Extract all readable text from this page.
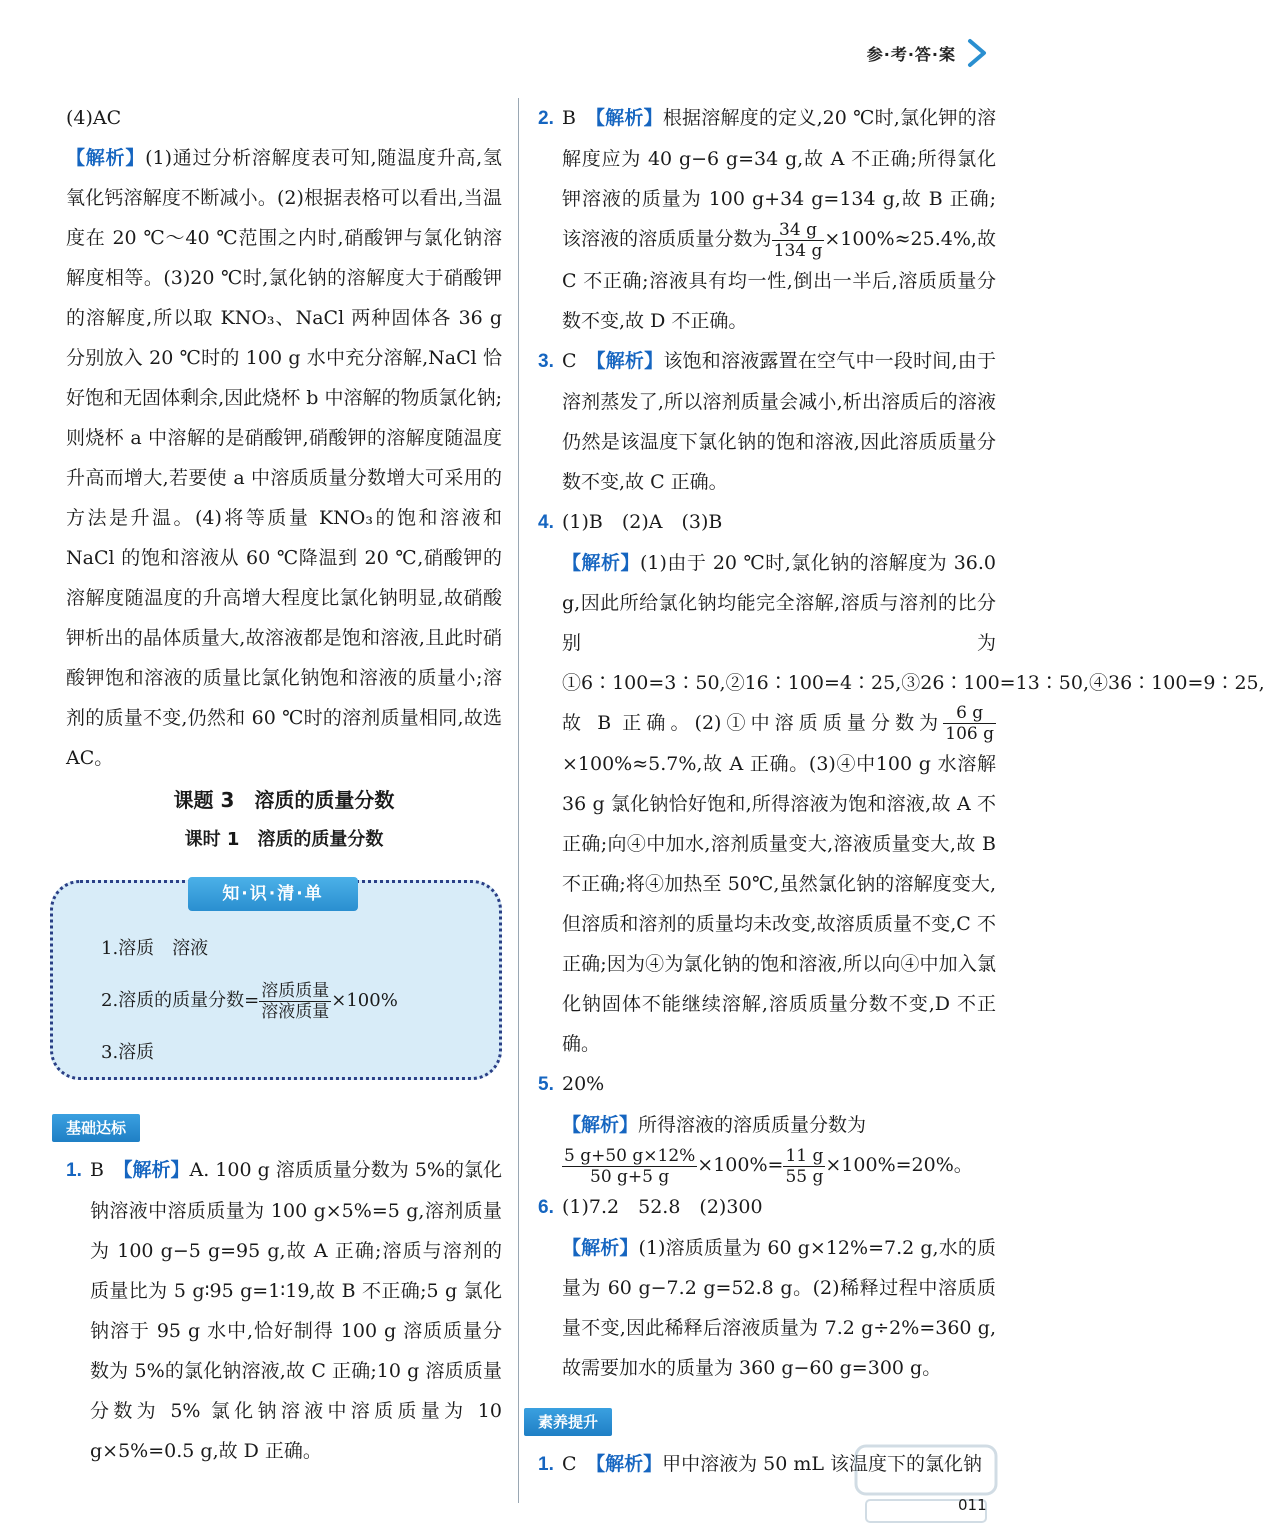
参·考·答·案

(4)AC

【解析】(1)通过分析溶解度表可知,随温度升高,氢氧化钙溶解度不断减小。(2)根据表格可以看出,当温度在 20 ℃～40 ℃范围之内时,硝酸钾与氯化钠溶解度相等。(3)20 ℃时,氯化钠的溶解度大于硝酸钾的溶解度,所以取 KNO₃、NaCl 两种固体各 36 g 分别放入 20 ℃时的 100 g 水中充分溶解,NaCl 恰好饱和无固体剩余,因此烧杯 b 中溶解的物质氯化钠;则烧杯 a 中溶解的是硝酸钾,硝酸钾的溶解度随温度升高而增大,若要使 a 中溶质质量分数增大可采用的方法是升温。(4)将等质量 KNO₃的饱和溶液和 NaCl 的饱和溶液从 60 ℃降温到 20 ℃,硝酸钾的溶解度随温度的升高增大程度比氯化钠明显,故硝酸钾析出的晶体质量大,故溶液都是饱和溶液,且此时硝酸钾饱和溶液的质量比氯化钠饱和溶液的质量小;溶剂的质量不变,仍然和 60 ℃时的溶剂质量相同,故选 AC。

课题 3　溶质的质量分数

课时 1　溶质的质量分数

知·识·清·单

1.溶质　溶液

2.溶质的质量分数= $\frac{\text{溶质质量}}{\text{溶液质量}} \times 100\%$

3.溶质

基础达标

1. B　 【解析】A. 100 g 溶质质量分数为 5%的氯化钠溶液中溶质质量为 100 g×5%=5 g,溶剂质量为 100 g−5 g=95 g,故 A 正确;溶质与溶剂的质量比为 5 g∶95 g=1∶19,故 B 不正确;5 g 氯化钠溶于 95 g 水中,恰好制得 100 g 溶质质量分数为 5%的氯化钠溶液,故 C 正确;10 g 溶质质量分数为 5% 氯化钠溶液中溶质质量为 10 g×5%=0.5 g,故 D 正确。

2. B　 【解析】根据溶解度的定义,20 ℃时,氯化钾的溶解度应为 40 g−6 g=34 g,故 A 不正确;所得氯化钾溶液的质量为 100 g+34 g=134 g,故 B 正确;该溶液的溶质质量分数为 $\frac{34 g}{134 g} \times 100\%\approx 25.4\%$,故 C 不正确;溶液具有均一性,倒出一半后,溶质质量分数不变,故 D 不正确。

3. C　 【解析】该饱和溶液露置在空气中一段时间,由于溶剂蒸发了,所以溶剂质量会减小,析出溶质后的溶液仍然是该温度下氯化钠的饱和溶液,因此溶质质量分数不变,故 C 正确。

4. (1)B　(2)A　(3)B

【解析】(1)由于 20 ℃时,氯化钠的溶解度为 36.0 g,因此所给氯化钠均能完全溶解,溶质与溶剂的比分别为①6∶100=3∶50,②16∶100=4∶25,③26∶100=13∶50,④36∶100=9∶25,故 B 正确。(2)①中溶质质量分数为 $\frac{6 g}{106 g}$
×100%≈5.7%,故 A 正确。(3)④中100 g 水溶解 36 g 氯化钠恰好饱和,所得溶液为饱和溶液,故 A 不正确;向④中加水,溶剂质量变大,溶液质量变大,故 B 不正确;将④加热至 50℃,虽然氯化钠的溶解度变大,但溶质和溶剂的质量均未改变,故溶质质量不变,C 不正确;因为④为氯化钠的饱和溶液,所以向④中加入氯化钠固体不能继续溶解,溶质质量分数不变,D 不正确。

5. 20%

【解析】所得溶液的溶质质量分数为

$\frac{5 g+50 g\times 12\%}{50 g+5 g} \times 100\%= \frac{11 g}{55 g} \times 100\%=20\%$。

6. (1)7.2　52.8　(2)300

【解析】(1)溶质质量为 60 g×12%=7.2 g,水的质量为 60 g−7.2 g=52.8 g。(2)稀释过程中溶质质量不变,因此稀释后溶液质量为 7.2 g÷2%=360 g,故需要加水的质量为 360 g−60 g=300 g。

素养提升

1. C　 【解析】甲中溶液为 50 mL 该温度下的氯化钠

011
